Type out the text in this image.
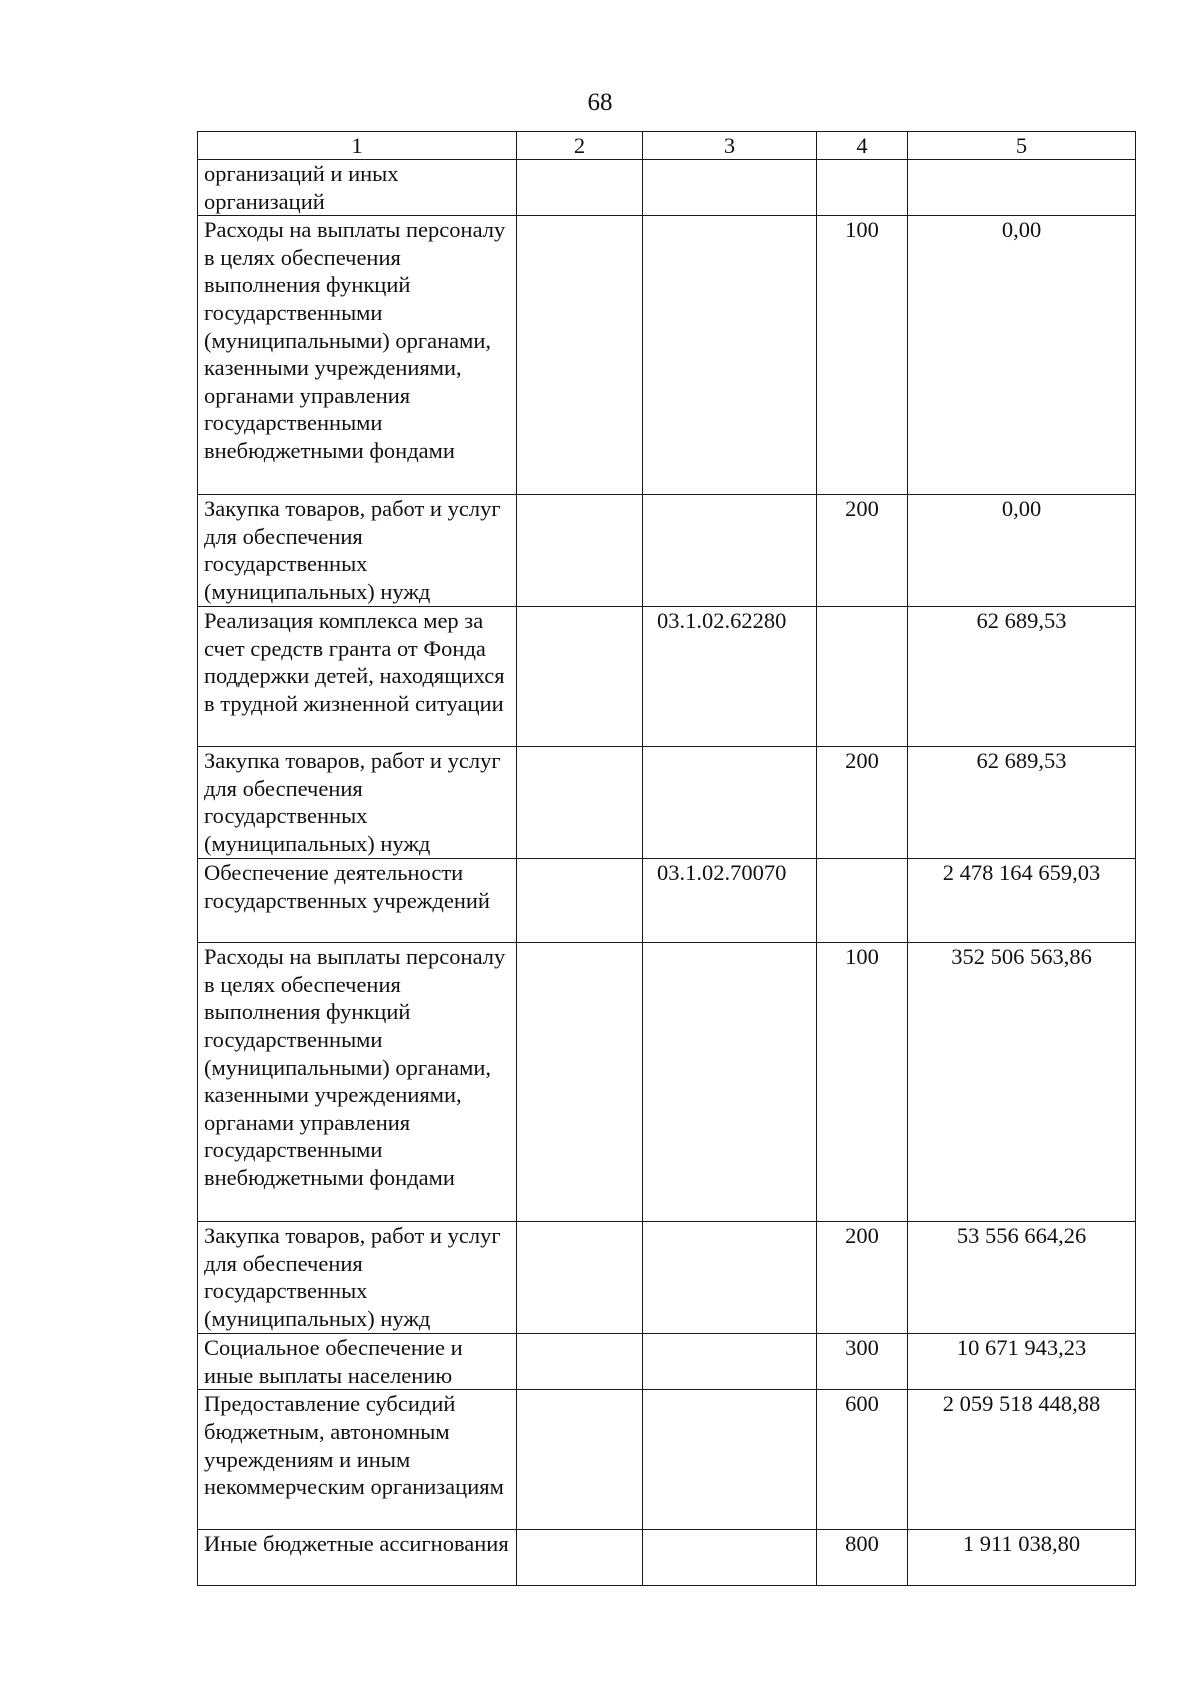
68
1	2	3	4	5
организаций и иных организаций				
Расходы на выплаты персоналу в целях обеспечения выполнения функций государственными (муниципальными) органами, казенными учреждениями, органами управления государственными внебюджетными фондами			100	0,00
Закупка товаров, работ и услуг для обеспечения государственных (муниципальных) нужд			200	0,00
Реализация комплекса мер за счет средств гранта от Фонда поддержки детей, находящихся в трудной жизненной ситуации		03.1.02.62280		62 689,53
Закупка товаров, работ и услуг для обеспечения государственных (муниципальных) нужд			200	62 689,53
Обеспечение деятельности государственных учреждений		03.1.02.70070		2 478 164 659,03
Расходы на выплаты персоналу в целях обеспечения выполнения функций государственными (муниципальными) органами, казенными учреждениями, органами управления государственными внебюджетными фондами			100	352 506 563,86
Закупка товаров, работ и услуг для обеспечения государственных (муниципальных) нужд			200	53 556 664,26
Социальное обеспечение и иные выплаты населению			300	10 671 943,23
Предоставление субсидий бюджетным, автономным учреждениям и иным некоммерческим организациям			600	2 059 518 448,88
Иные бюджетные ассигнования			800	1 911 038,80
